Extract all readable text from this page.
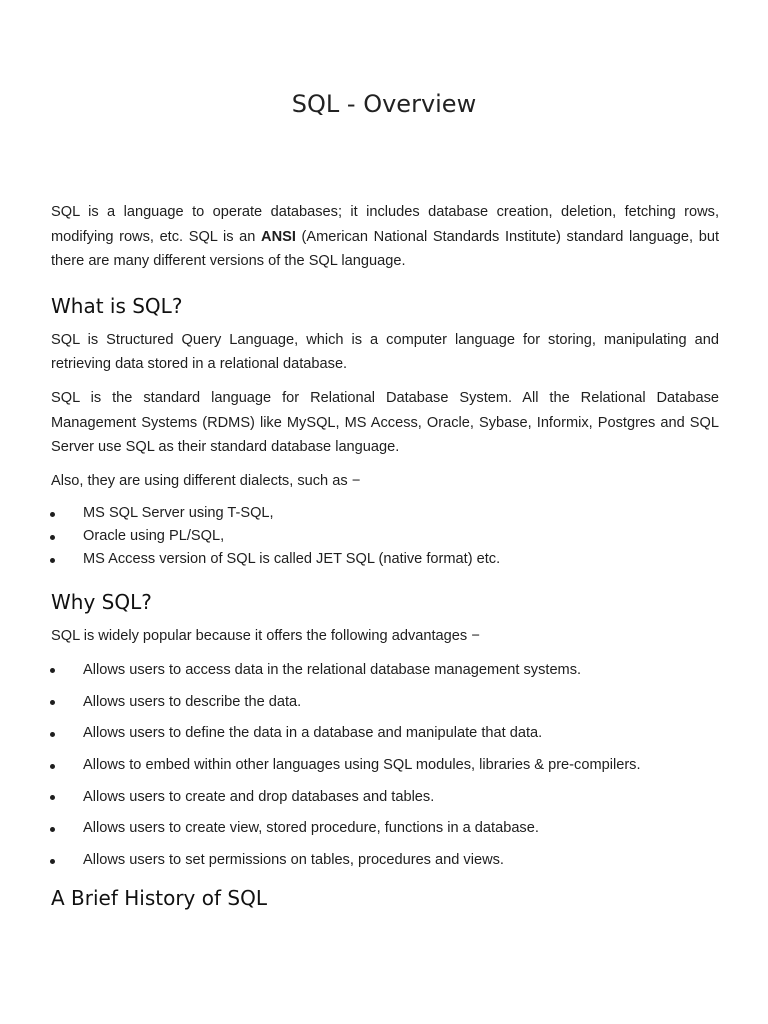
SQL - Overview

SQL is a language to operate databases; it includes database creation, deletion, fetching rows, modifying rows, etc. SQL is an ANSI (American National Standards Institute) standard language, but there are many different versions of the SQL language.

What is SQL?

SQL is Structured Query Language, which is a computer language for storing, manipulating and retrieving data stored in a relational database.

SQL is the standard language for Relational Database System. All the Relational Database Management Systems (RDMS) like MySQL, MS Access, Oracle, Sybase, Informix, Postgres and SQL Server use SQL as their standard database language.

Also, they are using different dialects, such as −

MS SQL Server using T-SQL,
Oracle using PL/SQL,
MS Access version of SQL is called JET SQL (native format) etc.
Why SQL?

SQL is widely popular because it offers the following advantages −

Allows users to access data in the relational database management systems.
Allows users to describe the data.
Allows users to define the data in a database and manipulate that data.
Allows to embed within other languages using SQL modules, libraries & pre-compilers.
Allows users to create and drop databases and tables.
Allows users to create view, stored procedure, functions in a database.
Allows users to set permissions on tables, procedures and views.
A Brief History of SQL
